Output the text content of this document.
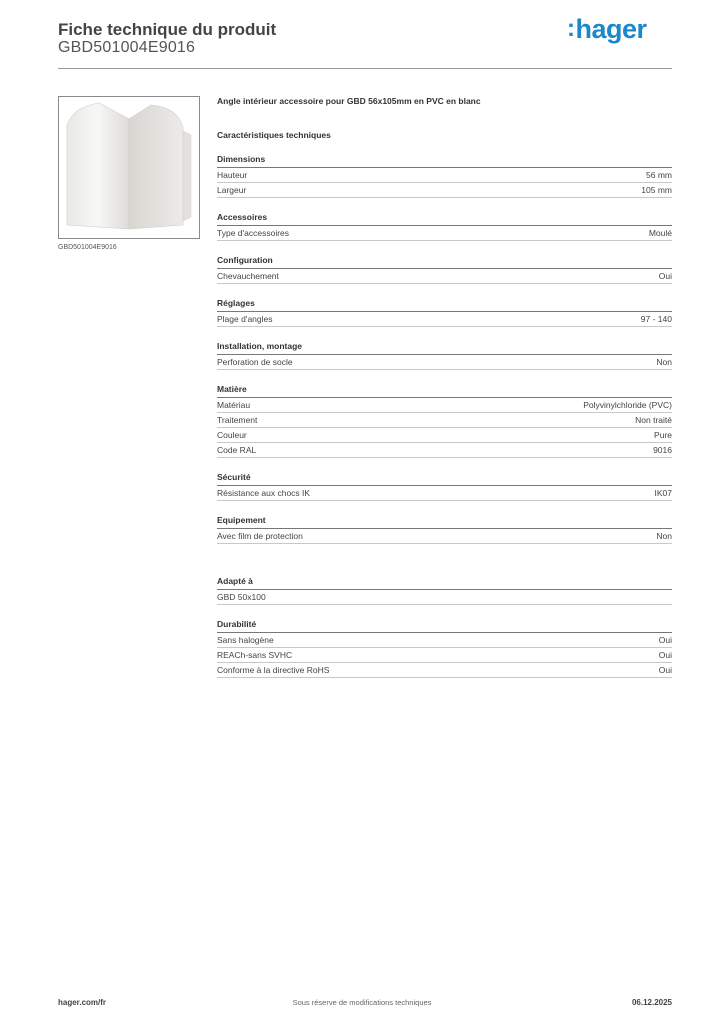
Fiche technique du produit
GBD501004E9016
:hager
GBD501004E9016
Angle intérieur accessoire pour GBD 56x105mm en PVC en blanc
Caractéristiques techniques
Dimensions
Hauteur	56 mm
Largeur	105 mm
Accessoires
Type d'accessoires	Moulé
Configuration
Chevauchement	Oui
Réglages
Plage d'angles	97 - 140
Installation, montage
Perforation de socle	Non
Matière
Matériau	Polyvinylchloride (PVC)
Traitement	Non traité
Couleur	Pure
Code RAL	9016
Sécurité
Résistance aux chocs IK	IK07
Equipement
Avec film de protection	Non
Adapté à
GBD 50x100
Durabilité
Sans halogène	Oui
REACh-sans SVHC	Oui
Conforme à la directive RoHS	Oui
hager.com/fr	Sous réserve de modifications techniques	06.12.2025
